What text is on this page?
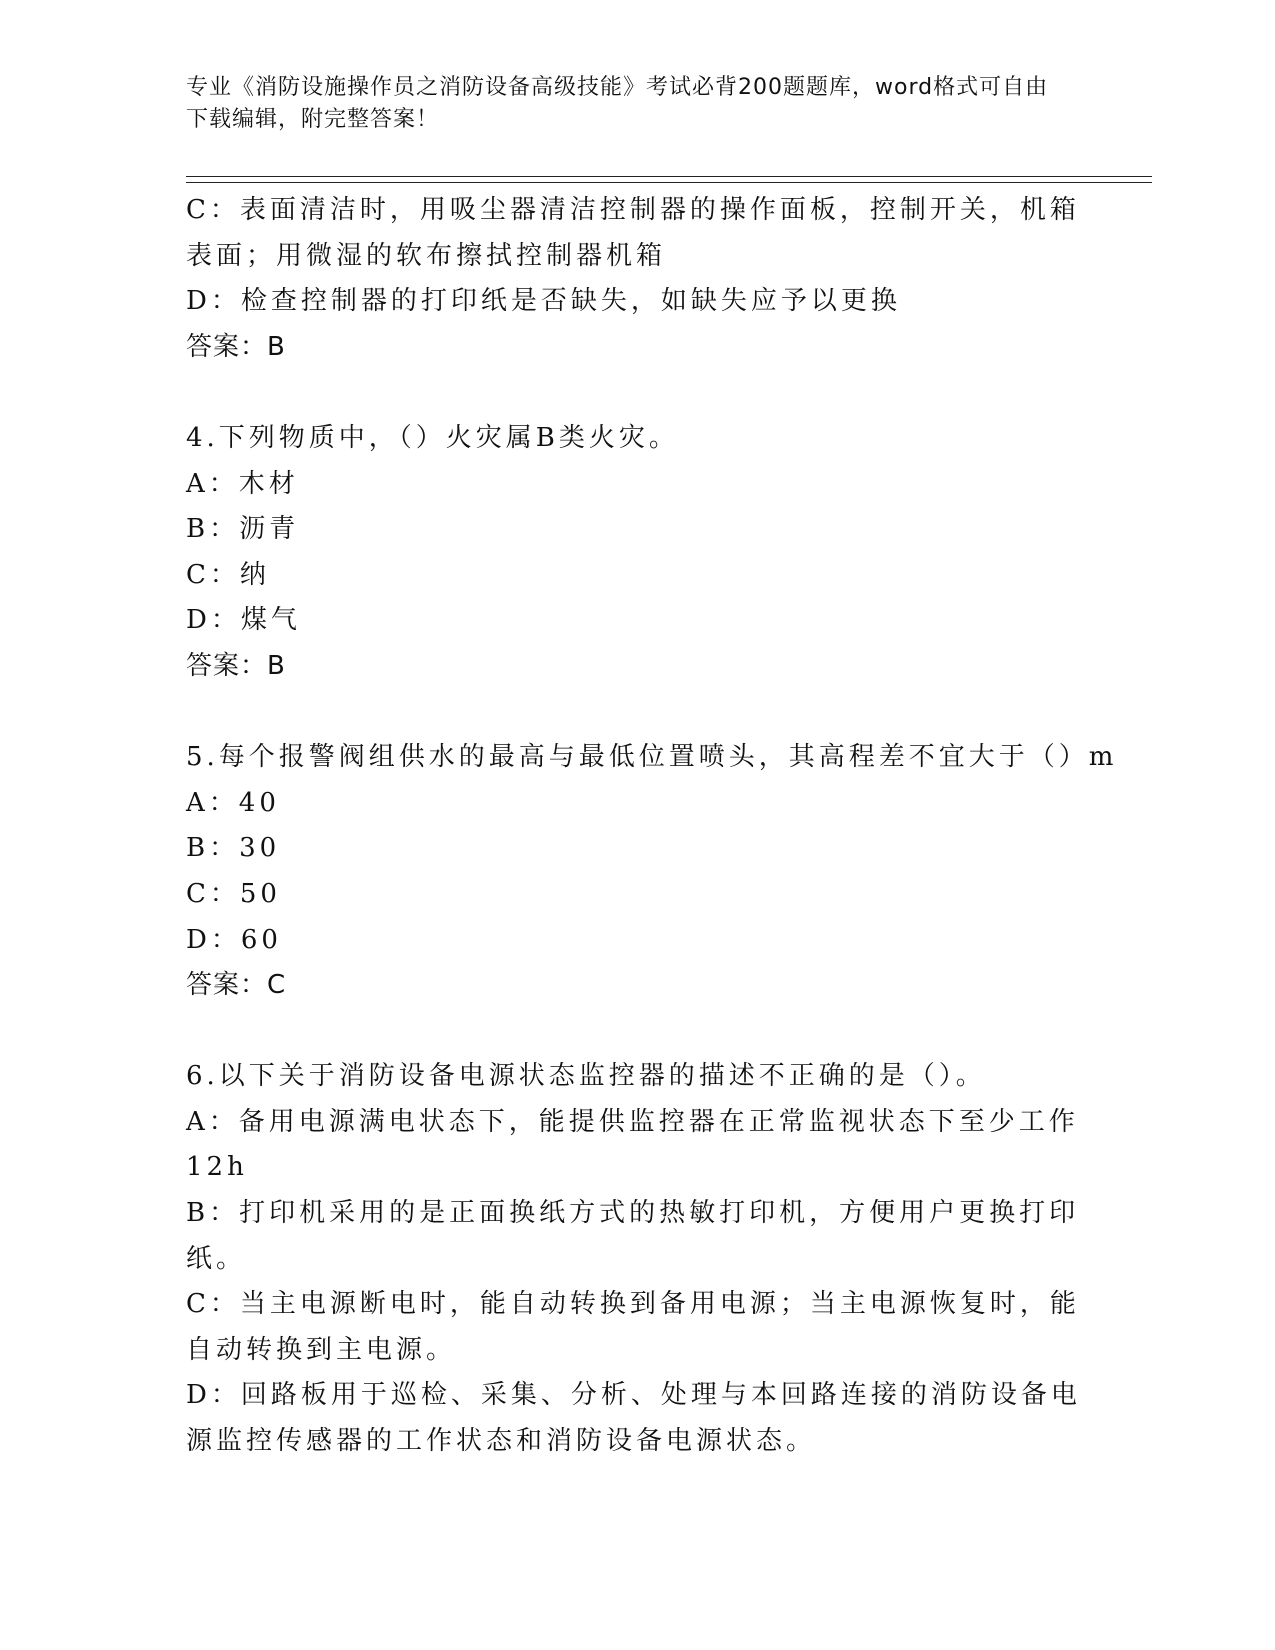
专业《消防设施操作员之消防设备高级技能》考试必背200题题库，word格式可自由下载编辑，附完整答案！

C：表面清洁时，用吸尘器清洁控制器的操作面板，控制开关，机箱表面；用微湿的软布擦拭控制器机箱

D：检查控制器的打印纸是否缺失，如缺失应予以更换

答案：B

4.下列物质中，（）火灾属B类火灾。

A：木材

B：沥青

C：纳

D：煤气

答案：B

5.每个报警阀组供水的最高与最低位置喷头，其高程差不宜大于（）m

A：40

B：30

C：50

D：60

答案：C

6.以下关于消防设备电源状态监控器的描述不正确的是（）。

A：备用电源满电状态下，能提供监控器在正常监视状态下至少工作12h

B：打印机采用的是正面换纸方式的热敏打印机，方便用户更换打印纸。

C：当主电源断电时，能自动转换到备用电源；当主电源恢复时，能自动转换到主电源。

D：回路板用于巡检、采集、分析、处理与本回路连接的消防设备电源监控传感器的工作状态和消防设备电源状态。
